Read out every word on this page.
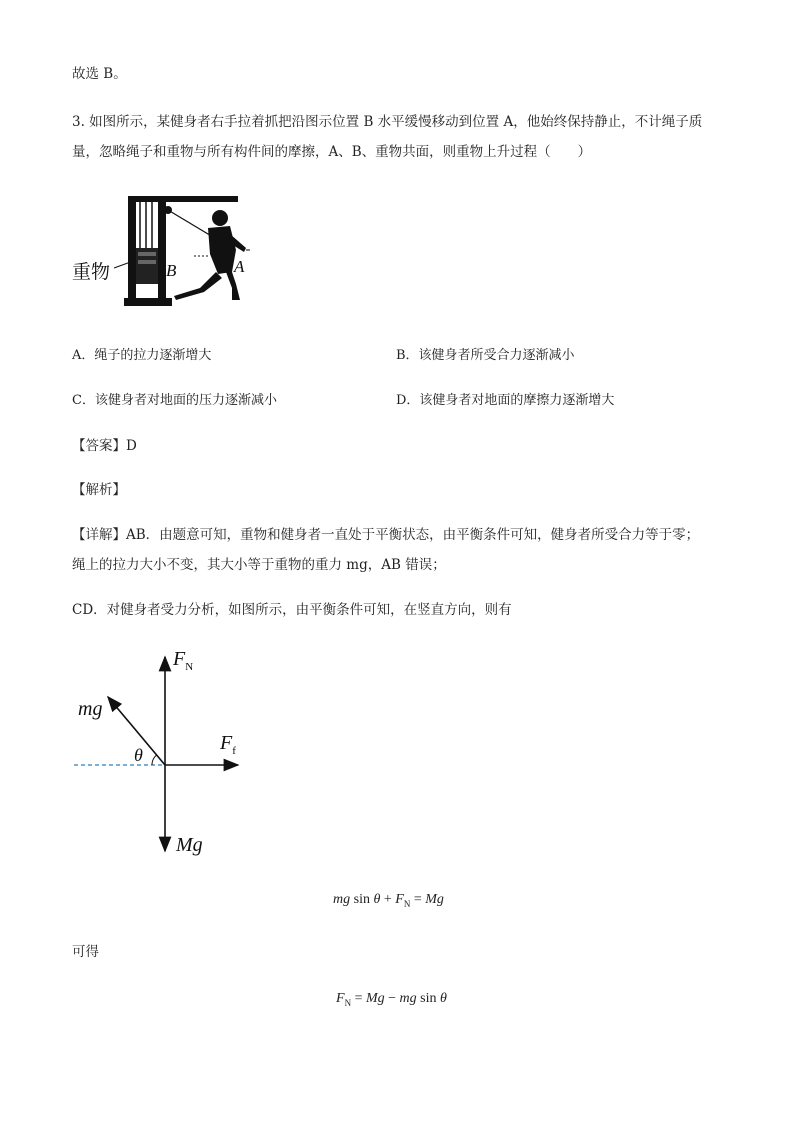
故选 B。
3. 如图所示，某健身者右手拉着抓把沿图示位置 B 水平缓慢移动到位置 A，他始终保持静止，不计绳子质
量，忽略绳子和重物与所有构件间的摩擦，A、B、重物共面，则重物上升过程（　　）
重物	B	A
A．绳子的拉力逐渐增大	B．该健身者所受合力逐渐减小
C．该健身者对地面的压力逐渐减小	D．该健身者对地面的摩擦力逐渐增大
【答案】D
【解析】
【详解】AB．由题意可知，重物和健身者一直处于平衡状态，由平衡条件可知，健身者所受合力等于零；
绳上的拉力大小不变，其大小等于重物的重力 mg，AB 错误；
CD．对健身者受力分析，如图所示，由平衡条件可知，在竖直方向，则有
$F_N$
mg
θ
$F_f$
Mg
mg $\sin \theta + F_N = Mg$
可得
$F_N = Mg$ − mg sin θ
